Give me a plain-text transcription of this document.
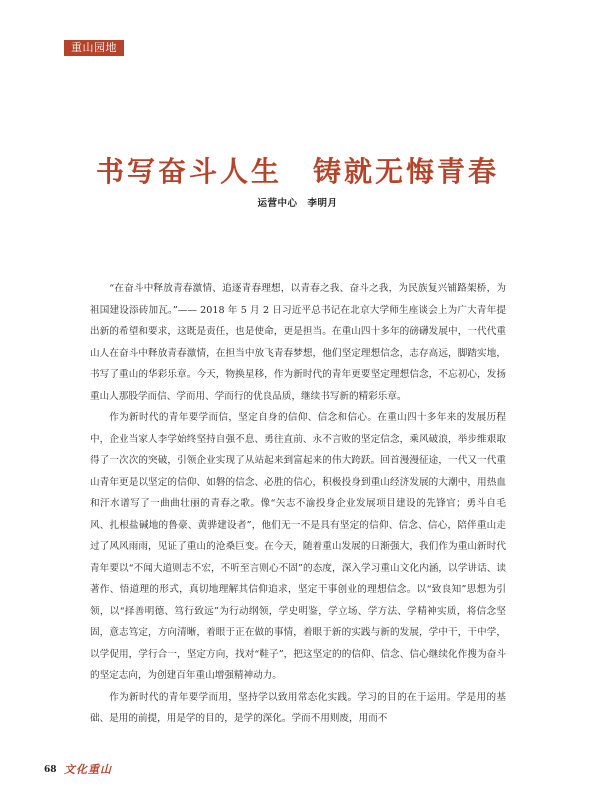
重山园地
书写奋斗人生　铸就无悔青春
运营中心　李明月

“在奋斗中释放青春激情、追逐青春理想，以青春之我、奋斗之我，为民族复兴铺路架桥，为祖国建设添砖加瓦。”—— 2018 年 5 月 2 日习近平总书记在北京大学师生座谈会上为广大青年提出新的希望和要求，这既是责任，也是使命，更是担当。在重山四十多年的磅礴发展中，一代代重山人在奋斗中释放青春激情，在担当中放飞青春梦想，他们坚定理想信念，志存高远，脚踏实地，书写了重山的华彩乐章。今天，物换星移，作为新时代的青年更要坚定理想信念，不忘初心，发扬重山人那股学而信、学而用、学而行的优良品质，继续书写新的精彩乐章。

作为新时代的青年要学而信，坚定自身的信仰、信念和信心。在重山四十多年来的发展历程中，企业当家人李学始终坚持自强不息、勇往直前、永不言败的坚定信念，乘风破浪，举步维艰取得了一次次的突破，引领企业实现了从站起来到富起来的伟大跨跃。回首漫漫征途，一代又一代重山青年更是以坚定的信仰、如磐的信念、必胜的信心，积极投身到重山经济发展的大潮中，用热血和汗水谱写了一曲曲壮丽的青春之歌。像“矢志不渝投身企业发展项目建设的先锋官；勇斗自毛风、扎根盐碱地的鲁豪、黄骅建设者”，他们无一不是具有坚定的信仰、信念、信心，陪伴重山走过了风风雨雨，见证了重山的沧桑巨变。在今天，随着重山发展的日渐强大，我们作为重山新时代青年要以“不闻大道则志不宏，不听至言则心不固”的态度，深入学习重山文化内涵，以学讲话、读著作、悟道理的形式，真切地理解其信仰追求，坚定干事创业的理想信念。以“致良知”思想为引领，以“择善明德、笃行致远”为行动纲领，学史明鉴，学立场、学方法、学精神实质，将信念坚固，意志笃定，方向清晰，着眼于正在做的事情，着眼于新的实践与新的发展，学中干，干中学，以学促用，学行合一，坚定方向，找对“鞋子”，把这坚定的的信仰、信念、信心继续化作搜为奋斗的坚定志向，为创建百年重山增强精神动力。

作为新时代的青年要学而用，坚持学以致用常态化实践。学习的目的在于运用。学是用的基础、是用的前提，用是学的目的，是学的深化。学而不用则废，用而不

68 文化重山
